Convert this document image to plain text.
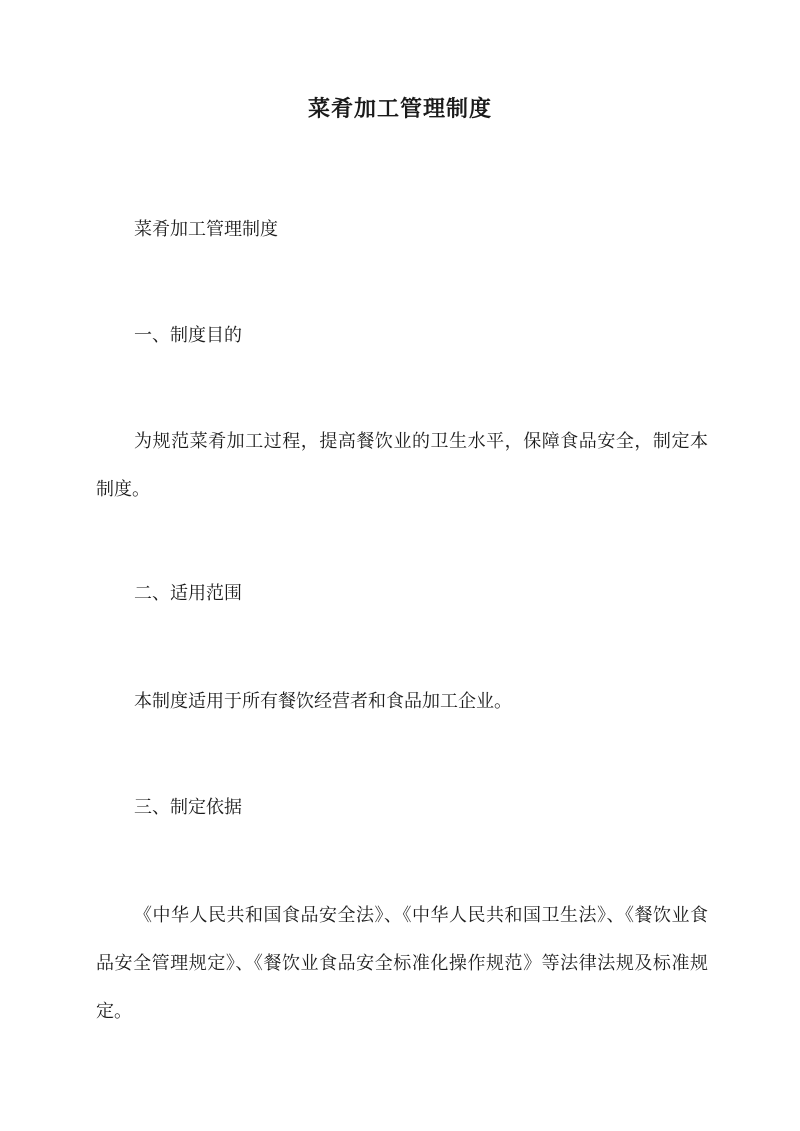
菜肴加工管理制度

菜肴加工管理制度

一、制度目的

为规范菜肴加工过程，提高餐饮业的卫生水平，保障食品安全，制定本制度。

二、适用范围

本制度适用于所有餐饮经营者和食品加工企业。

三、制定依据

《中华人民共和国食品安全法》、《中华人民共和国卫生法》、《餐饮业食品安全管理规定》、《餐饮业食品安全标准化操作规范》等法律法规及标准规定。
